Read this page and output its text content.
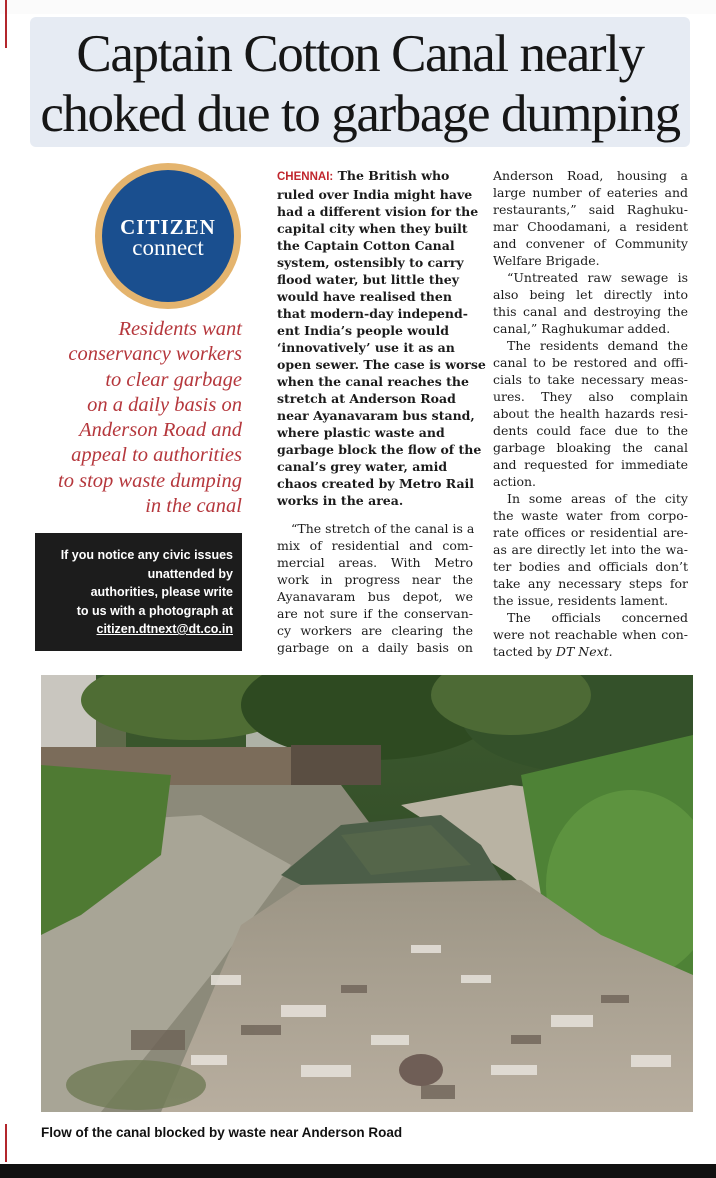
Captain Cotton Canal nearly
choked due to garbage dumping
CITIZEN
connect

Residents want
conservancy workers
to clear garbage
on a daily basis on
Anderson Road and
appeal to authorities
to stop waste dumping
in the canal

If you notice any civic issues
unattended by
authorities, please write
to us with a photograph at
citizen.dtnext@dt.co.in
CHENNAI: The British who
ruled over India might have
had a different vision for the
capital city when they built
the Captain Cotton Canal
system, ostensibly to carry
flood water, but little they
would have realised then
that modern-day independ-
ent India’s people would
‘innovatively’ use it as an
open sewer. The case is worse
when the canal reaches the
stretch at Anderson Road
near Ayanavaram bus stand,
where plastic waste and
garbage block the flow of the
canal’s grey water, amid
chaos created by Metro Rail
works in the area.
“The stretch of the canal is a
mix of residential and com-
mercial areas. With Metro
work in progress near the
Ayanavaram bus depot, we
are not sure if the conservan-
cy workers are clearing the
garbage on a daily basis on
Anderson Road, housing a
large number of eateries and
restaurants,” said Raghuku-
mar Choodamani, a resident
and convener of Community
Welfare Brigade.
“Untreated raw sewage is
also being let directly into
this canal and destroying the
canal,” Raghukumar added.
The residents demand the
canal to be restored and offi-
cials to take necessary meas-
ures. They also complain
about the health hazards resi-
dents could face due to the
garbage bloaking the canal
and requested for immediate
action.
In some areas of the city
the waste water from corpo-
rate offices or residential are-
as are directly let into the wa-
ter bodies and officials don’t
take any necessary steps for
the issue, residents lament.
The officials concerned
were not reachable when con-
tacted by DT Next.

Flow of the canal blocked by waste near Anderson Road
